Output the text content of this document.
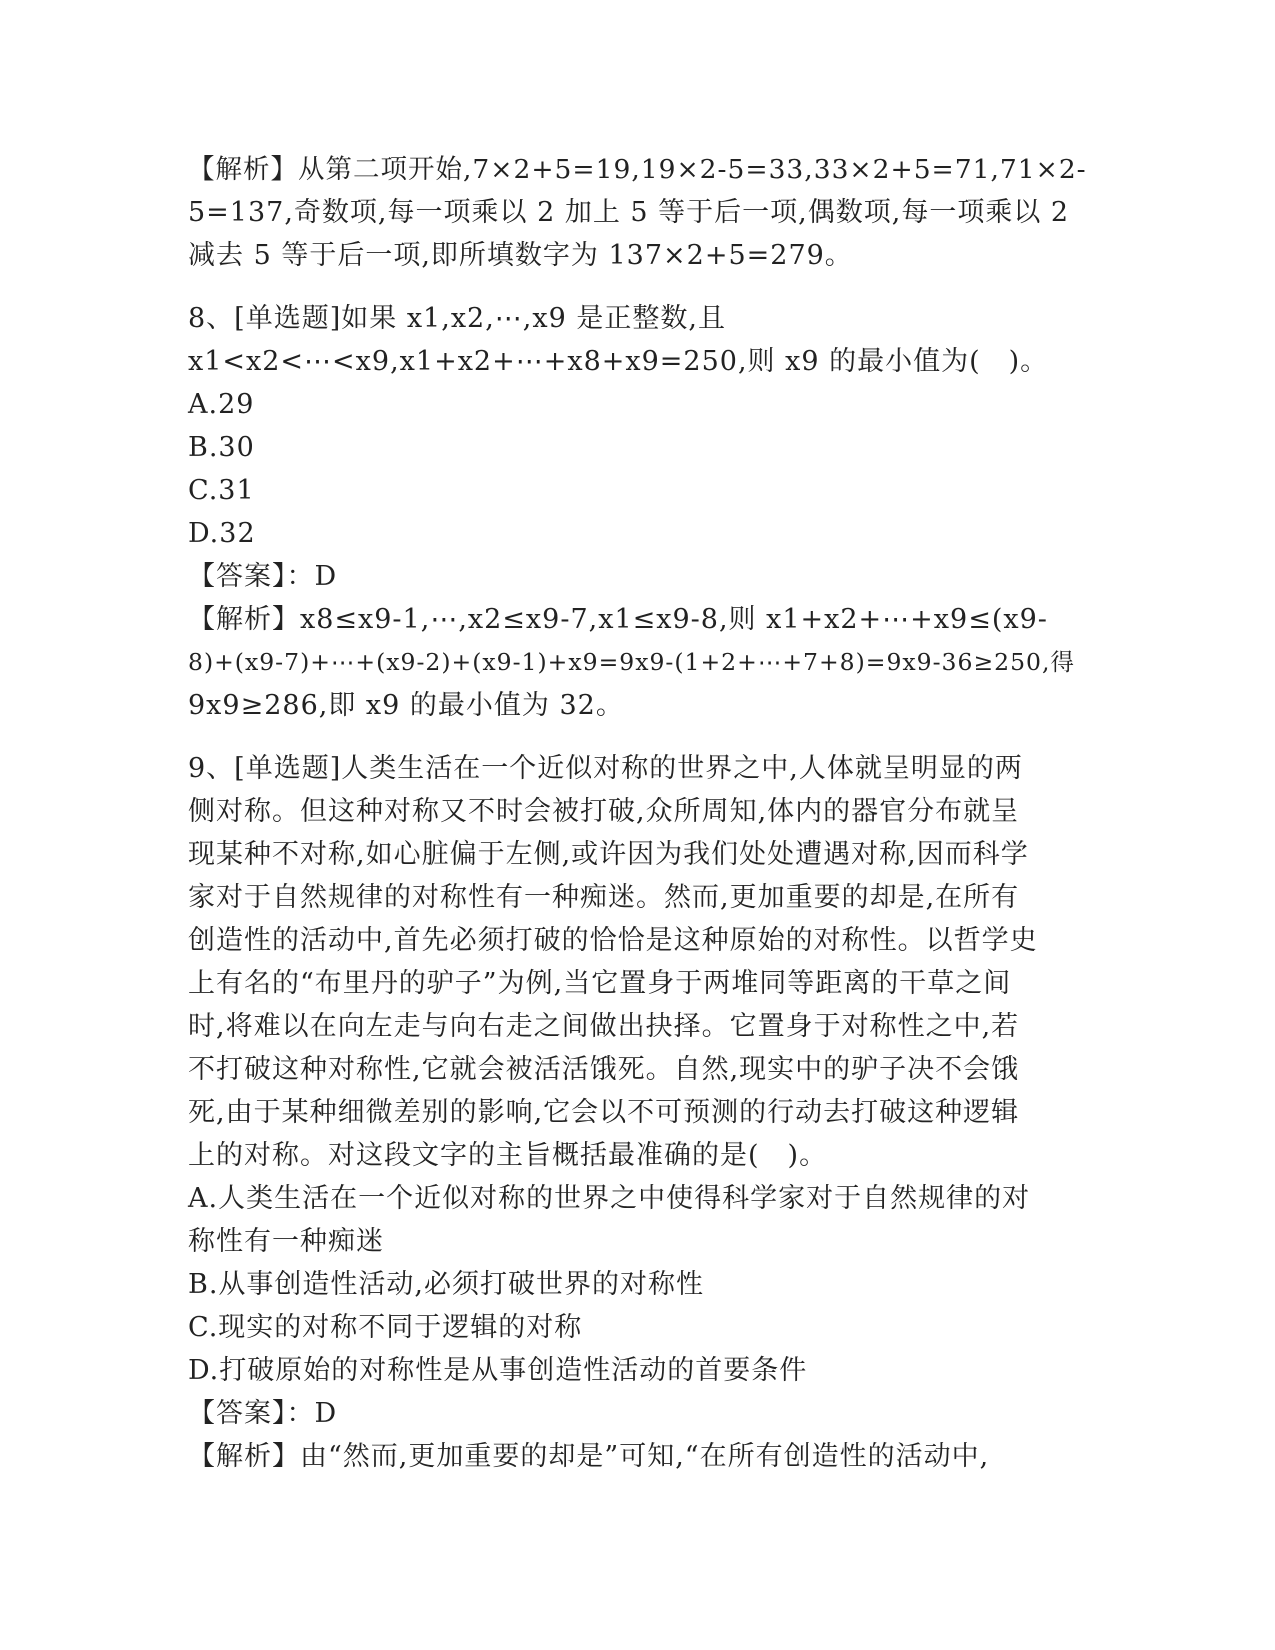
【解析】从第二项开始,7×2+5=19,19×2-5=33,33×2+5=71,71×2-
5=137,奇数项,每一项乘以 2 加上 5 等于后一项,偶数项,每一项乘以 2
减去 5 等于后一项,即所填数字为 137×2+5=279。
8、[单选题]如果 x1,x2,⋯,x9 是正整数,且
x1<x2<⋯<x9,x1+x2+⋯+x8+x9=250,则 x9 的最小值为(　)。
A.29
B.30
C.31
D.32
【答案】：D
【解析】x8≤x9-1,⋯,x2≤x9-7,x1≤x9-8,则 x1+x2+⋯+x9≤(x9-
8)+(x9-7)+⋯+(x9-2)+(x9-1)+x9=9x9-(1+2+⋯+7+8)=9x9-36≥250,得
9x9≥286,即 x9 的最小值为 32。
9、[单选题]人类生活在一个近似对称的世界之中,人体就呈明显的两
侧对称。但这种对称又不时会被打破,众所周知,体内的器官分布就呈
现某种不对称,如心脏偏于左侧,或许因为我们处处遭遇对称,因而科学
家对于自然规律的对称性有一种痴迷。然而,更加重要的却是,在所有
创造性的活动中,首先必须打破的恰恰是这种原始的对称性。以哲学史
上有名的“布里丹的驴子”为例,当它置身于两堆同等距离的干草之间
时,将难以在向左走与向右走之间做出抉择。它置身于对称性之中,若
不打破这种对称性,它就会被活活饿死。自然,现实中的驴子决不会饿
死,由于某种细微差别的影响,它会以不可预测的行动去打破这种逻辑
上的对称。对这段文字的主旨概括最准确的是(　)。
A.人类生活在一个近似对称的世界之中使得科学家对于自然规律的对
称性有一种痴迷
B.从事创造性活动,必须打破世界的对称性
C.现实的对称不同于逻辑的对称
D.打破原始的对称性是从事创造性活动的首要条件
【答案】：D
【解析】由“然而,更加重要的却是”可知,“在所有创造性的活动中,
